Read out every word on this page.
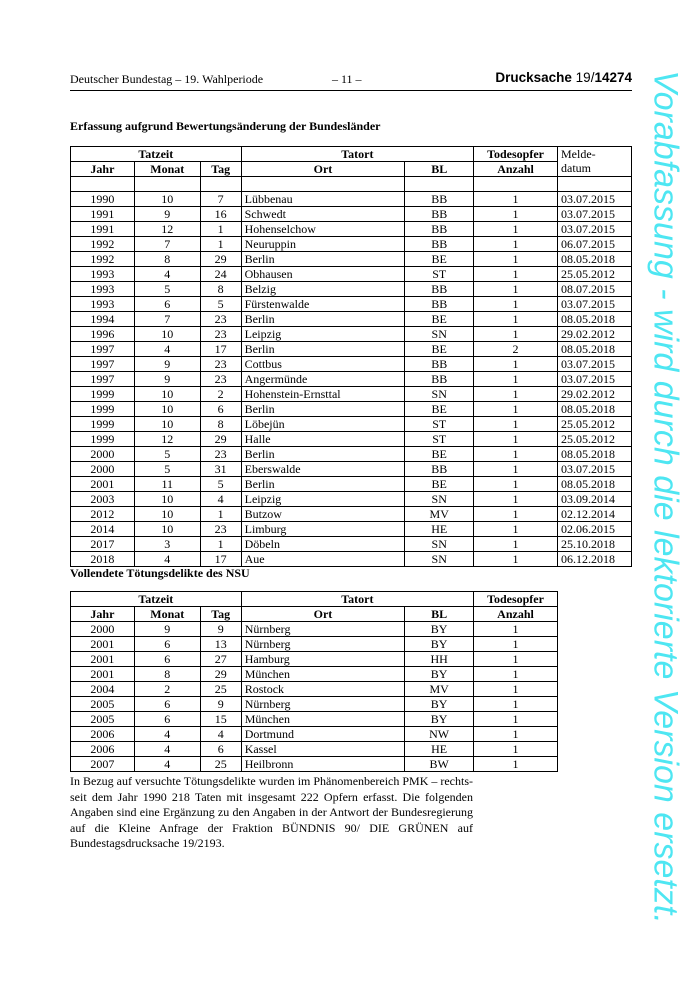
Deutscher Bundestag – 19. Wahlperiode	– 11 –	Drucksache 19/14274
Erfassung aufgrund Bewertungsänderung der Bundesländer
Tatzeit			Tatort		Todesopfer	Melde-
datum
Jahr	Monat	Tag	Ort	BL	Anzahl	

1990	10	7	Lübbenau	BB	1	03.07.2015
1991	9	16	Schwedt	BB	1	03.07.2015
1991	12	1	Hohenselchow	BB	1	03.07.2015
1992	7	1	Neuruppin	BB	1	06.07.2015
1992	8	29	Berlin	BE	1	08.05.2018
1993	4	24	Obhausen	ST	1	25.05.2012
1993	5	8	Belzig	BB	1	08.07.2015
1993	6	5	Fürstenwalde	BB	1	03.07.2015
1994	7	23	Berlin	BE	1	08.05.2018
1996	10	23	Leipzig	SN	1	29.02.2012
1997	4	17	Berlin	BE	2	08.05.2018
1997	9	23	Cottbus	BB	1	03.07.2015
1997	9	23	Angermünde	BB	1	03.07.2015
1999	10	2	Hohenstein-Ernsttal	SN	1	29.02.2012
1999	10	6	Berlin	BE	1	08.05.2018
1999	10	8	Löbejün	ST	1	25.05.2012
1999	12	29	Halle	ST	1	25.05.2012
2000	5	23	Berlin	BE	1	08.05.2018
2000	5	31	Eberswalde	BB	1	03.07.2015
2001	11	5	Berlin	BE	1	08.05.2018
2003	10	4	Leipzig	SN	1	03.09.2014
2012	10	1	Butzow	MV	1	02.12.2014
2014	10	23	Limburg	HE	1	02.06.2015
2017	3	1	Döbeln	SN	1	25.10.2018
2018	4	17	Aue	SN	1	06.12.2018
Vollendete Tötungsdelikte des NSU
Tatzeit			Tatort		Todesopfer
Jahr	Monat	Tag	Ort	BL	Anzahl
2000	9	9	Nürnberg	BY	1
2001	6	13	Nürnberg	BY	1
2001	6	27	Hamburg	HH	1
2001	8	29	München	BY	1
2004	2	25	Rostock	MV	1
2005	6	9	Nürnberg	BY	1
2005	6	15	München	BY	1
2006	4	4	Dortmund	NW	1
2006	4	6	Kassel	HE	1
2007	4	25	Heilbronn	BW	1
In Bezug auf versuchte Tötungsdelikte wurden im Phänomenbereich PMK – rechts- seit dem Jahr 1990 218 Taten mit insgesamt 222 Opfern erfasst. Die folgenden Angaben sind eine Ergänzung zu den Angaben in der Antwort der Bundesregierung auf die Kleine Anfrage der Fraktion BÜNDNIS 90/ DIE GRÜNEN auf Bundestagsdrucksache 19/2193.	Vorabfassung - wird durch die lektorierte Version ersetzt.
